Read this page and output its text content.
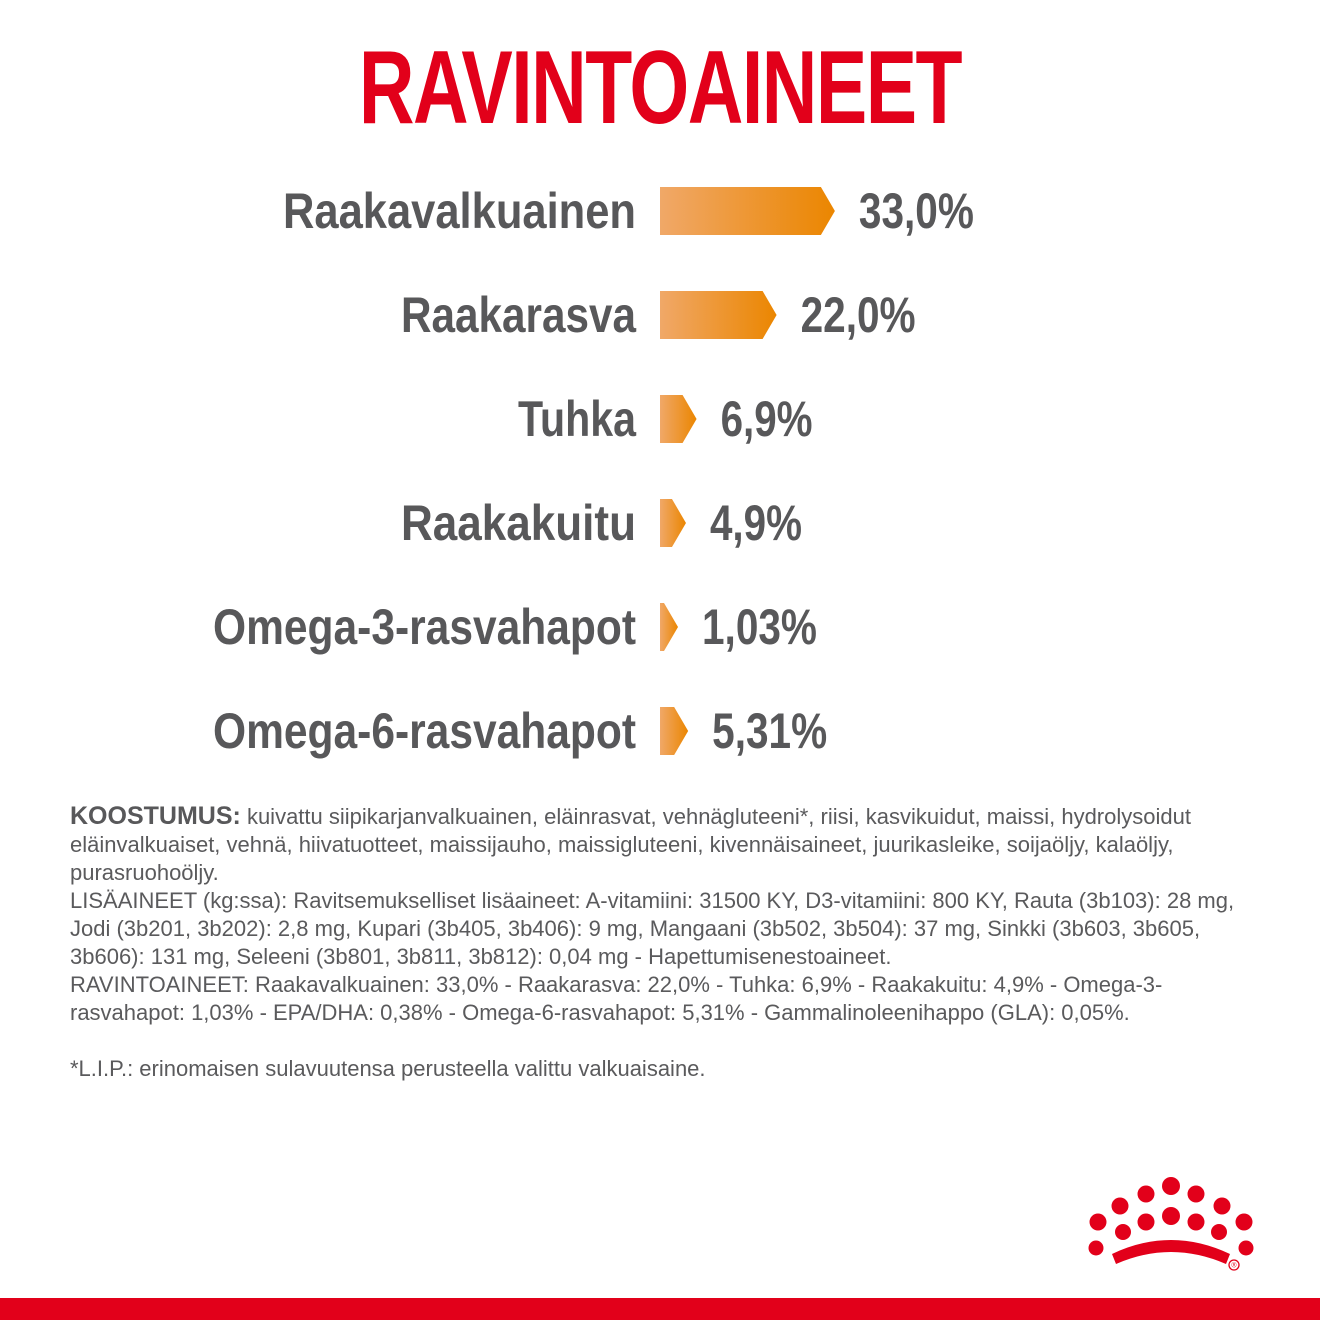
RAVINTOAINEET
Raakavalkuainen	33,0%
Raakarasva	22,0%
Tuhka 6,9%
Raakakuitu 4,9%
Omega-3-rasvahapot 1,03%
Omega-6-rasvahapot 5,31%

KOOSTUMUS: kuivattu siipikarjanvalkuainen, eläinrasvat, vehnägluteeni*, riisi, kasvikuidut, maissi, hydrolysoidut eläinvalkuaiset, vehnä, hiivatuotteet, maissijauho, maissigluteeni, kivennäisaineet, juurikasleike, soijaöljy, kalaöljy, purasruohoöljy.

LISÄAINEET (kg:ssa): Ravitsemukselliset lisäaineet: A-vitamiini: 31500 KY, D3-vitamiini: 800 KY, Rauta (3b103): 28 mg, Jodi (3b201, 3b202): 2,8 mg, Kupari (3b405, 3b406): 9 mg, Mangaani (3b502, 3b504): 37 mg, Sinkki (3b603, 3b605, 3b606): 131 mg, Seleeni (3b801, 3b811, 3b812): 0,04 mg - Hapettumisenestoaineet.

RAVINTOAINEET: Raakavalkuainen: 33,0% - Raakarasva: 22,0% - Tuhka: 6,9% - Raakakuitu: 4,9% - Omega-3-rasvahapot: 1,03% - EPA/DHA: 0,38% - Omega-6-rasvahapot: 5,31% - Gammalinoleenihappo (GLA): 0,05%.

*L.I.P.: erinomaisen sulavuutensa perusteella valittu valkuaisaine.

®
